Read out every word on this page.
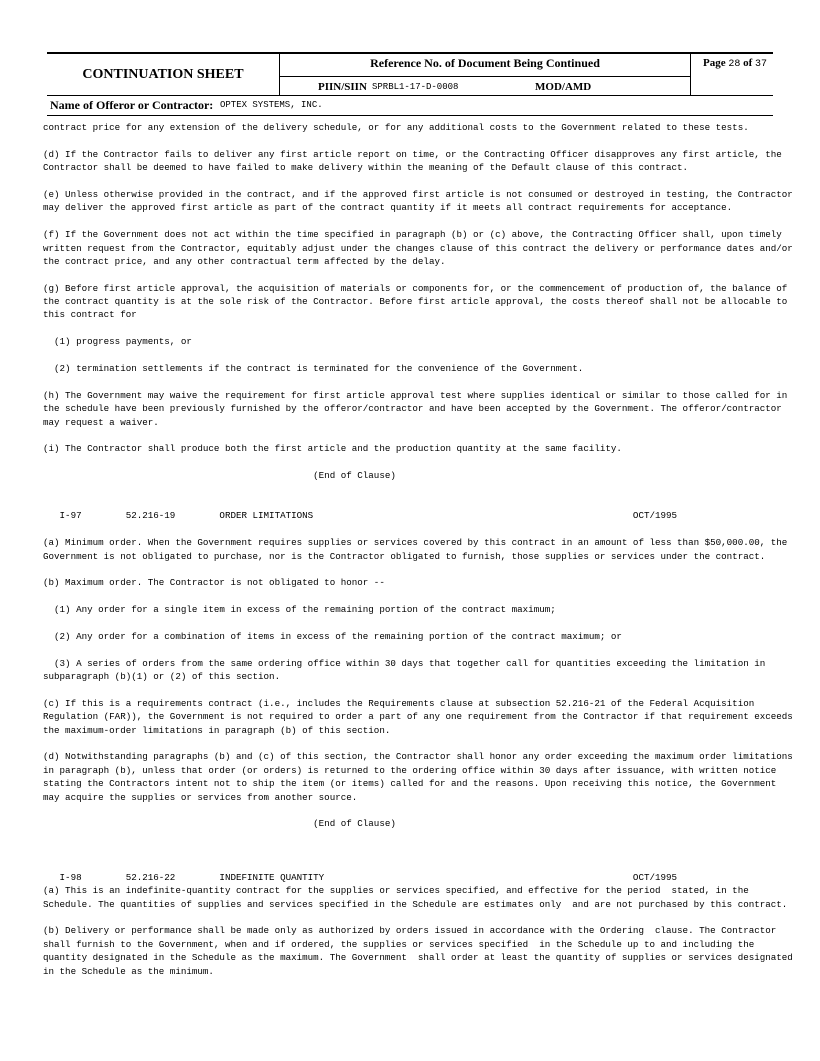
CONTINUATION SHEET
Reference No. of Document Being Continued
PIIN/SIIN SPRBL1-17-D-0008	MOD/AMD
Page 28 of 37
Name of Offeror or Contractor: OPTEX SYSTEMS, INC.
contract price for any extension of the delivery schedule, or for any additional costs to the Government related to these tests.
(d) If the Contractor fails to deliver any first article report on time, or the Contracting Officer disapproves any first article, the
Contractor shall be deemed to have failed to make delivery within the meaning of the Default clause of this contract.
(e) Unless otherwise provided in the contract, and if the approved first article is not consumed or destroyed in testing, the Contractor
may deliver the approved first article as part of the contract quantity if it meets all contract requirements for acceptance.
(f) If the Government does not act within the time specified in paragraph (b) or (c) above, the Contracting Officer shall, upon timely
written request from the Contractor, equitably adjust under the changes clause of this contract the delivery or performance dates and/or
the contract price, and any other contractual term affected by the delay.
(g) Before first article approval, the acquisition of materials or components for, or the commencement of production of, the balance of
the contract quantity is at the sole risk of the Contractor. Before first article approval, the costs thereof shall not be allocable to
this contract for
(1) progress payments, or
(2) termination settlements if the contract is terminated for the convenience of the Government.
(h) The Government may waive the requirement for first article approval test where supplies identical or similar to those called for in
the schedule have been previously furnished by the offeror/contractor and have been accepted by the Government. The offeror/contractor
may request a waiver.
(i) The Contractor shall produce both the first article and the production quantity at the same facility.
(End of Clause)
I-97        52.216-19        ORDER LIMITATIONS                                                          OCT/1995
(a) Minimum order. When the Government requires supplies or services covered by this contract in an amount of less than $50,000.00, the
Government is not obligated to purchase, nor is the Contractor obligated to furnish, those supplies or services under the contract.
(b) Maximum order. The Contractor is not obligated to honor --
(1) Any order for a single item in excess of the remaining portion of the contract maximum;
(2) Any order for a combination of items in excess of the remaining portion of the contract maximum; or
(3) A series of orders from the same ordering office within 30 days that together call for quantities exceeding the limitation in
subparagraph (b)(1) or (2) of this section.
(c) If this is a requirements contract (i.e., includes the Requirements clause at subsection 52.216-21 of the Federal Acquisition
Regulation (FAR)), the Government is not required to order a part of any one requirement from the Contractor if that requirement exceeds
the maximum-order limitations in paragraph (b) of this section.
(d) Notwithstanding paragraphs (b) and (c) of this section, the Contractor shall honor any order exceeding the maximum order limitations
in paragraph (b), unless that order (or orders) is returned to the ordering office within 30 days after issuance, with written notice
stating the Contractors intent not to ship the item (or items) called for and the reasons. Upon receiving this notice, the Government
may acquire the supplies or services from another source.
(End of Clause)
I-98        52.216-22        INDEFINITE QUANTITY                                                        OCT/1995
(a) This is an indefinite-quantity contract for the supplies or services specified, and effective for the period  stated, in the
Schedule. The quantities of supplies and services specified in the Schedule are estimates only  and are not purchased by this contract.
(b) Delivery or performance shall be made only as authorized by orders issued in accordance with the Ordering  clause. The Contractor
shall furnish to the Government, when and if ordered, the supplies or services specified  in the Schedule up to and including the
quantity designated in the Schedule as the maximum. The Government  shall order at least the quantity of supplies or services designated
in the Schedule as the minimum.
